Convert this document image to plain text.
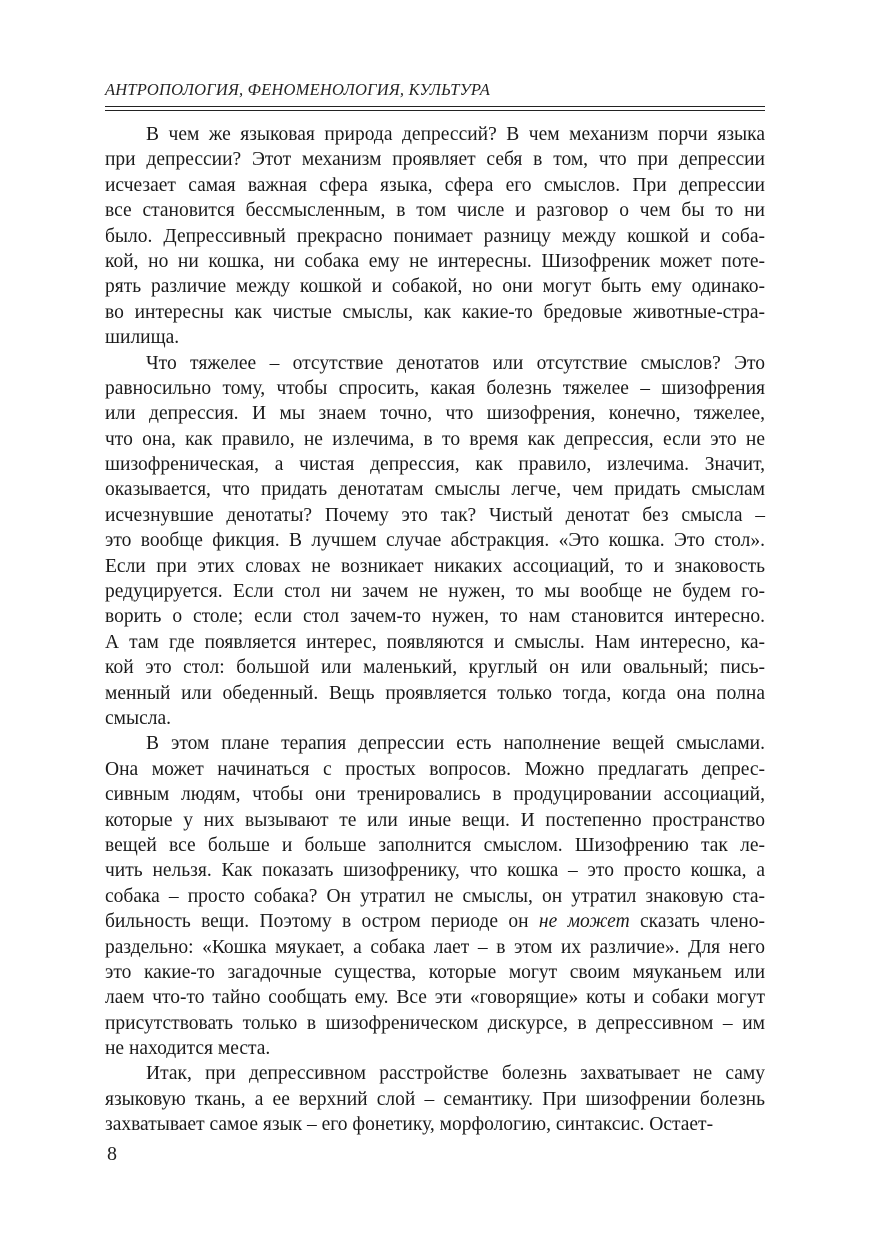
АНТРОПОЛОГИЯ, ФЕНОМЕНОЛОГИЯ, КУЛЬТУРА
В чем же языковая природа депрессий? В чем механизм порчи языка
при депрессии? Этот механизм проявляет себя в том, что при депрессии
исчезает самая важная сфера языка, сфера его смыслов. При депрессии
все становится бессмысленным, в том числе и разговор о чем бы то ни
было. Депрессивный прекрасно понимает разницу между кошкой и соба-
кой, но ни кошка, ни собака ему не интересны. Шизофреник может поте-
рять различие между кошкой и собакой, но они могут быть ему одинако-
во интересны как чистые смыслы, как какие-то бредовые животные-стра-
шилища.
Что тяжелее – отсутствие денотатов или отсутствие смыслов? Это
равносильно тому, чтобы спросить, какая болезнь тяжелее – шизофрения
или депрессия. И мы знаем точно, что шизофрения, конечно, тяжелее,
что она, как правило, не излечима, в то время как депрессия, если это не
шизофреническая, а чистая депрессия, как правило, излечима. Значит,
оказывается, что придать денотатам смыслы легче, чем придать смыслам
исчезнувшие денотаты? Почему это так? Чистый денотат без смысла –
это вообще фикция. В лучшем случае абстракция. «Это кошка. Это стол».
Если при этих словах не возникает никаких ассоциаций, то и знаковость
редуцируется. Если стол ни зачем не нужен, то мы вообще не будем го-
ворить о столе; если стол зачем-то нужен, то нам становится интересно.
А там где появляется интерес, появляются и смыслы. Нам интересно, ка-
кой это стол: большой или маленький, круглый он или овальный; пись-
менный или обеденный. Вещь проявляется только тогда, когда она полна
смысла.
В этом плане терапия депрессии есть наполнение вещей смыслами.
Она может начинаться с простых вопросов. Можно предлагать депрес-
сивным людям, чтобы они тренировались в продуцировании ассоциаций,
которые у них вызывают те или иные вещи. И постепенно пространство
вещей все больше и больше заполнится смыслом. Шизофрению так ле-
чить нельзя. Как показать шизофренику, что кошка – это просто кошка, а
собака – просто собака? Он утратил не смыслы, он утратил знаковую ста-
бильность вещи. Поэтому в остром периоде он не может сказать члено-
раздельно: «Кошка мяукает, а собака лает – в этом их различие». Для него
это какие-то загадочные существа, которые могут своим мяуканьем или
лаем что-то тайно сообщать ему. Все эти «говорящие» коты и собаки могут
присутствовать только в шизофреническом дискурсе, в депрессивном – им
не находится места.
Итак, при депрессивном расстройстве болезнь захватывает не саму
языковую ткань, а ее верхний слой – семантику. При шизофрении болезнь
захватывает самое язык – его фонетику, морфологию, синтаксис. Остает-
8
